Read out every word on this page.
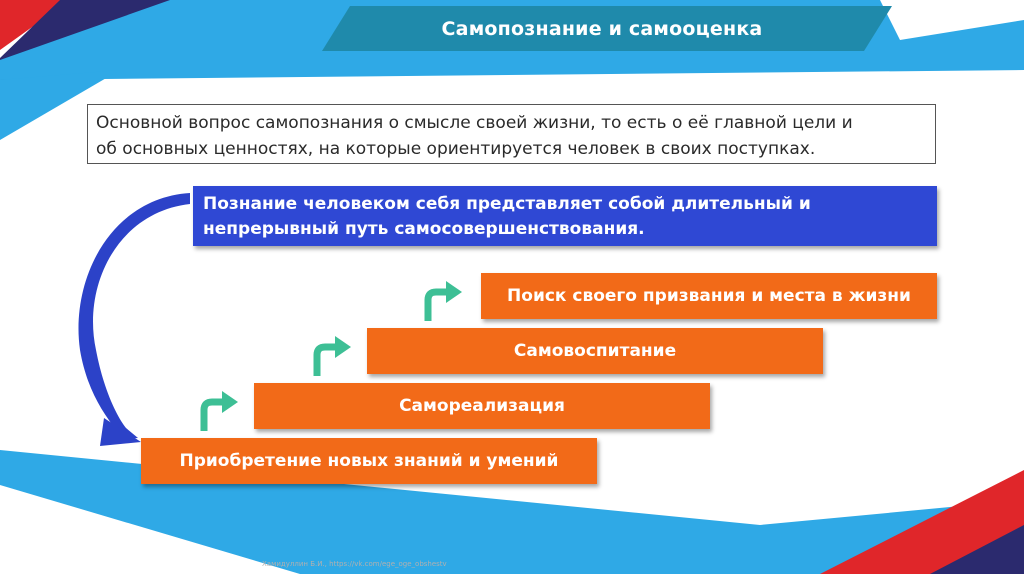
Самопознание и самооценка
Основной вопрос самопознания о смысле своей жизни, то есть о её главной цели и
об основных ценностях, на которые ориентируется человек в своих поступках.
Познание человеком себя представляет собой длительный и
непрерывный путь самосовершенствования.
Приобретение новых знаний и умений
Самореализация
Самовоспитание
Поиск своего призвания и места в жизни
Хамидуллин Б.И., https://vk.com/ege_oge_obshestv
